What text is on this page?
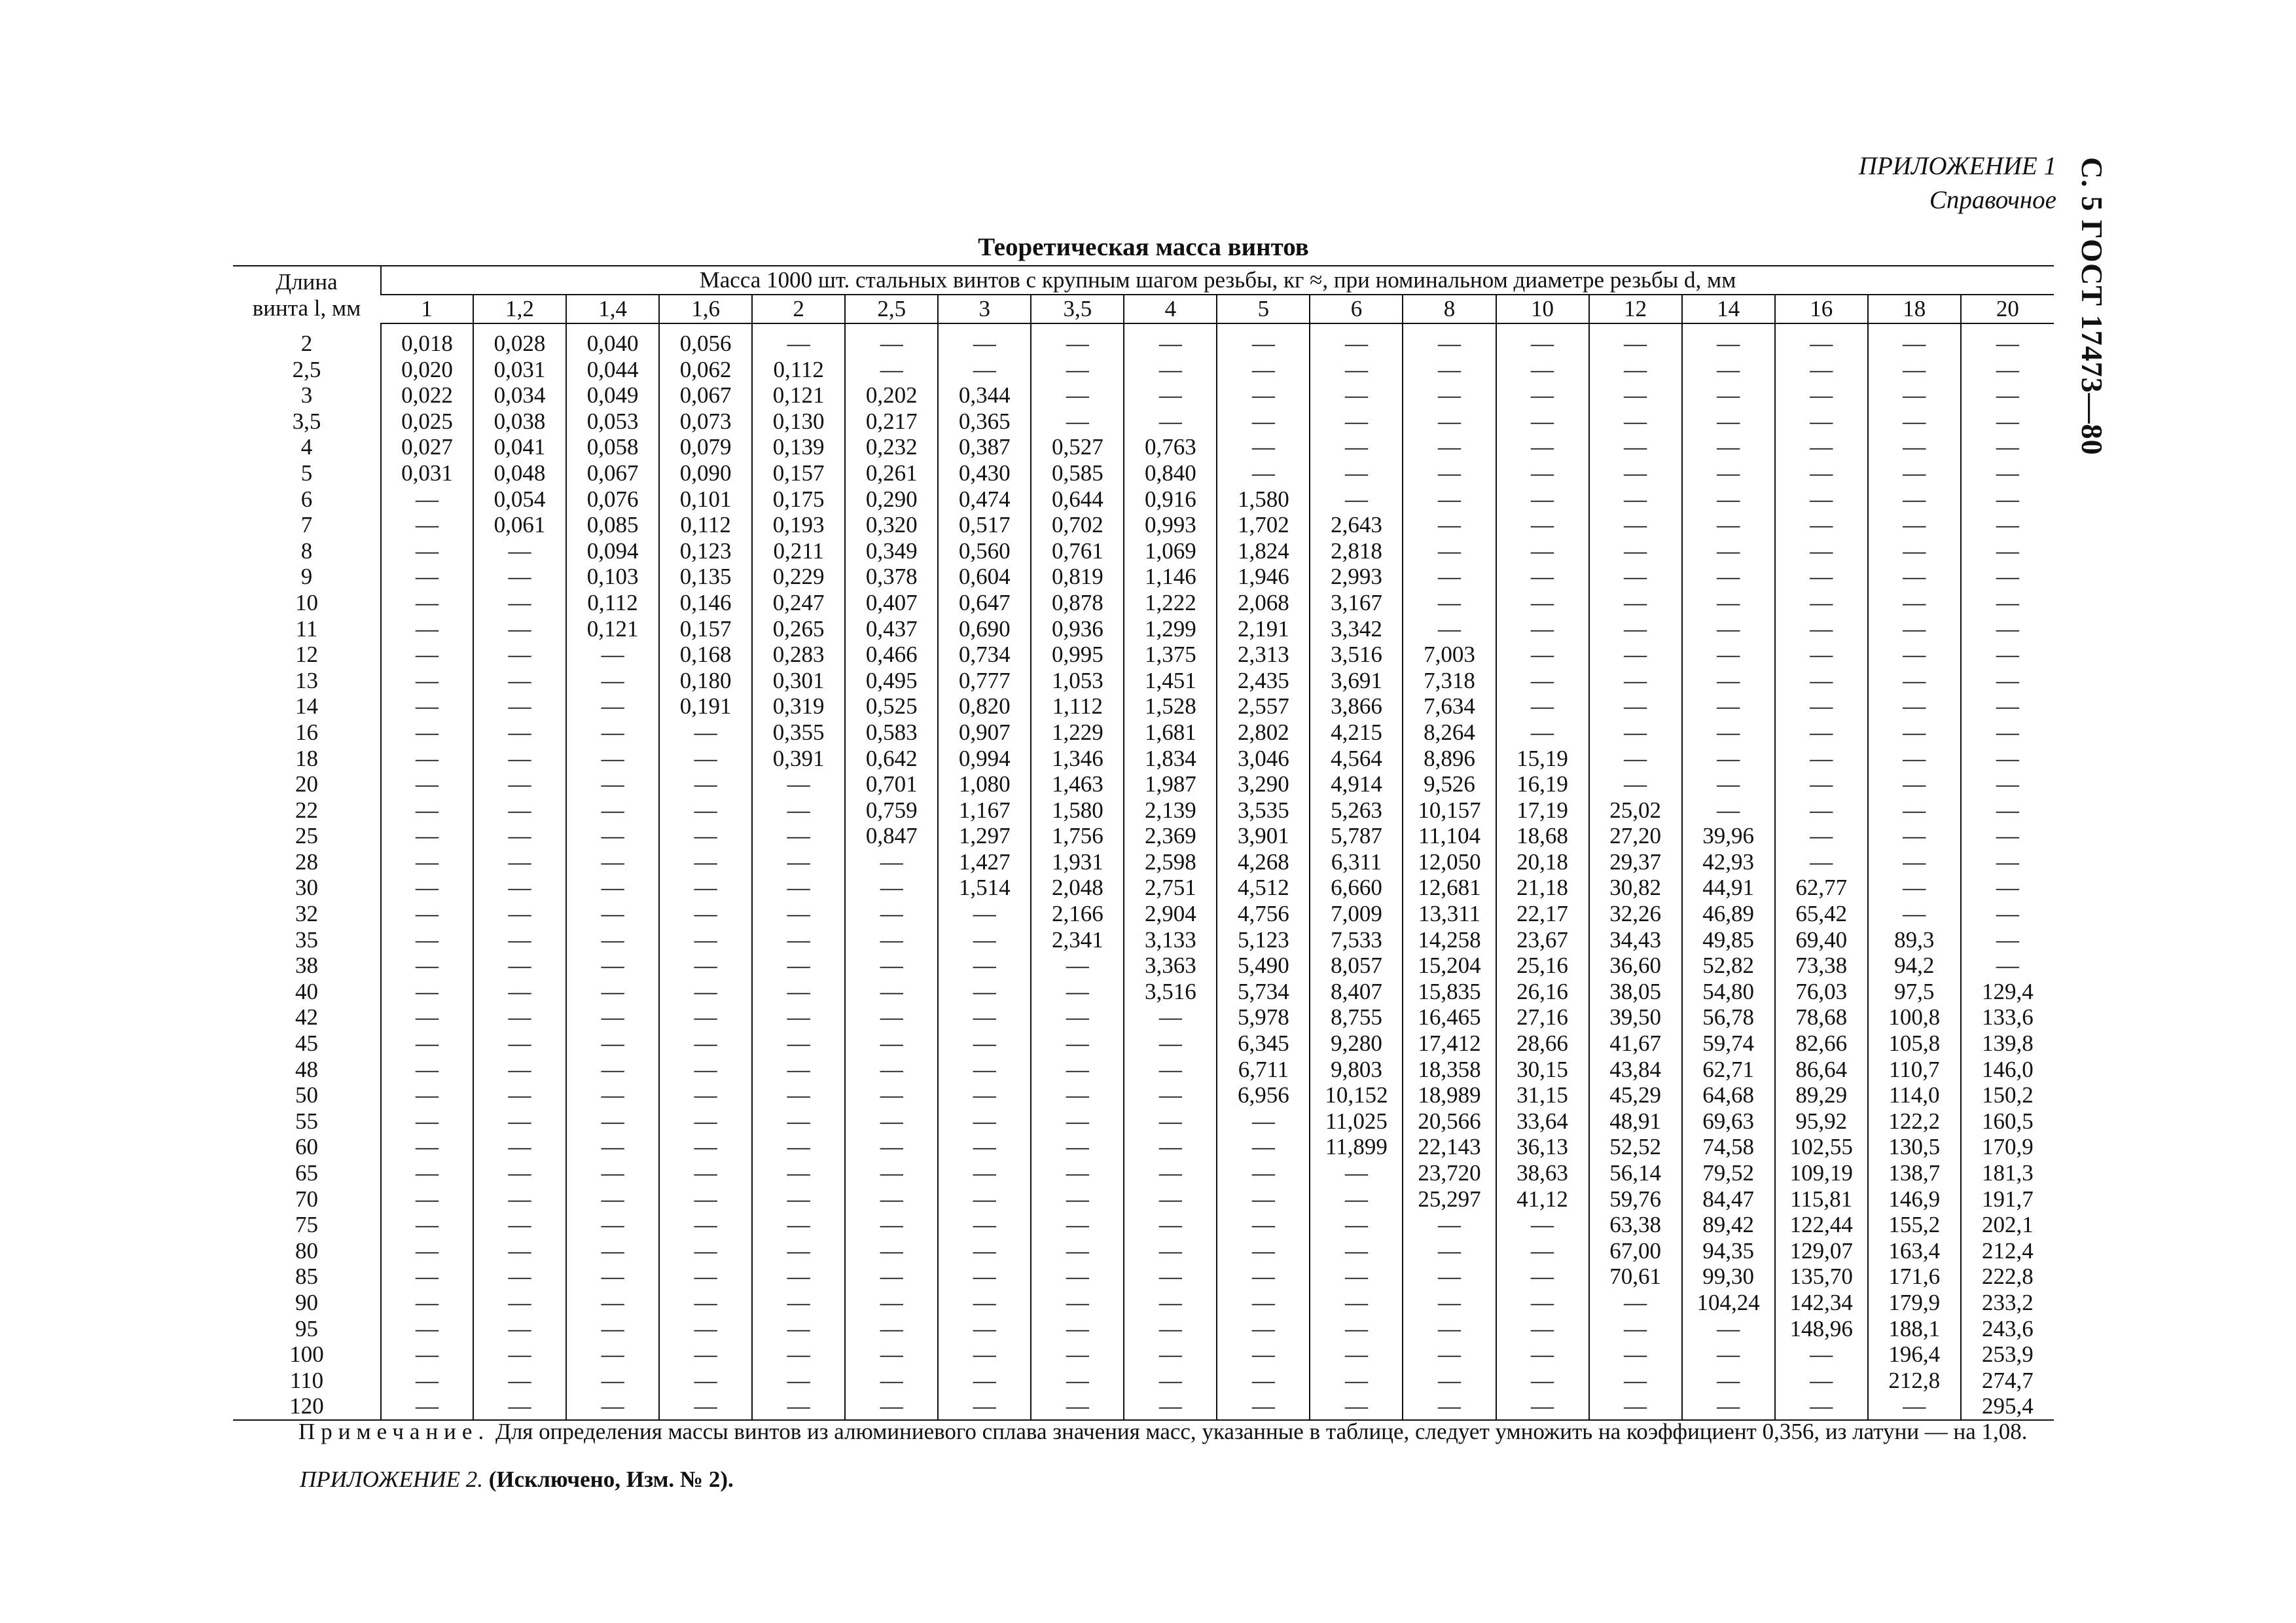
ПРИЛОЖЕНИЕ 1
Справочное С. 5 ГОСТ 17473—80
Теоретическая масса винтов
Длина
винта l, мм	Масса 1000 шт. стальных винтов с крупным шагом резьбы, кг ≈, при номинальном диаметре резьбы d, мм																	
	1	1,2	1,4	1,6	2	2,5	3	3,5	4	5	6	8	10	12	14	16	18	20
2	0,018	0,028	0,040	0,056	—	—	—	—	—	—	—	—	—	—	—	—	—	—
2,5	0,020	0,031	0,044	0,062	0,112	—	—	—	—	—	—	—	—	—	—	—	—	—
3	0,022	0,034	0,049	0,067	0,121	0,202	0,344	—	—	—	—	—	—	—	—	—	—	—
3,5	0,025	0,038	0,053	0,073	0,130	0,217	0,365	—	—	—	—	—	—	—	—	—	—	—
4	0,027	0,041	0,058	0,079	0,139	0,232	0,387	0,527	0,763	—	—	—	—	—	—	—	—	—
5	0,031	0,048	0,067	0,090	0,157	0,261	0,430	0,585	0,840	—	—	—	—	—	—	—	—	—
6	—	0,054	0,076	0,101	0,175	0,290	0,474	0,644	0,916	1,580	—	—	—	—	—	—	—	—
7	—	0,061	0,085	0,112	0,193	0,320	0,517	0,702	0,993	1,702	2,643	—	—	—	—	—	—	—
8	—	—	0,094	0,123	0,211	0,349	0,560	0,761	1,069	1,824	2,818	—	—	—	—	—	—	—
9	—	—	0,103	0,135	0,229	0,378	0,604	0,819	1,146	1,946	2,993	—	—	—	—	—	—	—
10	—	—	0,112	0,146	0,247	0,407	0,647	0,878	1,222	2,068	3,167	—	—	—	—	—	—	—
11	—	—	0,121	0,157	0,265	0,437	0,690	0,936	1,299	2,191	3,342	—	—	—	—	—	—	—
12	—	—	—	0,168	0,283	0,466	0,734	0,995	1,375	2,313	3,516	7,003	—	—	—	—	—	—
13	—	—	—	0,180	0,301	0,495	0,777	1,053	1,451	2,435	3,691	7,318	—	—	—	—	—	—
14	—	—	—	0,191	0,319	0,525	0,820	1,112	1,528	2,557	3,866	7,634	—	—	—	—	—	—
16	—	—	—	—	0,355	0,583	0,907	1,229	1,681	2,802	4,215	8,264	—	—	—	—	—	—
18	—	—	—	—	0,391	0,642	0,994	1,346	1,834	3,046	4,564	8,896	15,19	—	—	—	—	—
20	—	—	—	—	—	0,701	1,080	1,463	1,987	3,290	4,914	9,526	16,19	—	—	—	—	—
22	—	—	—	—	—	0,759	1,167	1,580	2,139	3,535	5,263	10,157	17,19	25,02	—	—	—	—
25	—	—	—	—	—	0,847	1,297	1,756	2,369	3,901	5,787	11,104	18,68	27,20	39,96	—	—	—
28	—	—	—	—	—	—	1,427	1,931	2,598	4,268	6,311	12,050	20,18	29,37	42,93	—	—	—
30	—	—	—	—	—	—	1,514	2,048	2,751	4,512	6,660	12,681	21,18	30,82	44,91	62,77	—	—
32	—	—	—	—	—	—	—	2,166	2,904	4,756	7,009	13,311	22,17	32,26	46,89	65,42	—	—
35	—	—	—	—	—	—	—	2,341	3,133	5,123	7,533	14,258	23,67	34,43	49,85	69,40	89,3	—
38	—	—	—	—	—	—	—	—	3,363	5,490	8,057	15,204	25,16	36,60	52,82	73,38	94,2	—
40	—	—	—	—	—	—	—	—	3,516	5,734	8,407	15,835	26,16	38,05	54,80	76,03	97,5	129,4
42	—	—	—	—	—	—	—	—	—	5,978	8,755	16,465	27,16	39,50	56,78	78,68	100,8	133,6
45	—	—	—	—	—	—	—	—	—	6,345	9,280	17,412	28,66	41,67	59,74	82,66	105,8	139,8
48	—	—	—	—	—	—	—	—	—	6,711	9,803	18,358	30,15	43,84	62,71	86,64	110,7	146,0
50	—	—	—	—	—	—	—	—	—	6,956	10,152	18,989	31,15	45,29	64,68	89,29	114,0	150,2
55	—	—	—	—	—	—	—	—	—	—	11,025	20,566	33,64	48,91	69,63	95,92	122,2	160,5
60	—	—	—	—	—	—	—	—	—	—	11,899	22,143	36,13	52,52	74,58	102,55	130,5	170,9
65	—	—	—	—	—	—	—	—	—	—	—	23,720	38,63	56,14	79,52	109,19	138,7	181,3
70	—	—	—	—	—	—	—	—	—	—	—	25,297	41,12	59,76	84,47	115,81	146,9	191,7
75	—	—	—	—	—	—	—	—	—	—	—	—	—	63,38	89,42	122,44	155,2	202,1
80	—	—	—	—	—	—	—	—	—	—	—	—	—	67,00	94,35	129,07	163,4	212,4
85	—	—	—	—	—	—	—	—	—	—	—	—	—	70,61	99,30	135,70	171,6	222,8
90	—	—	—	—	—	—	—	—	—	—	—	—	—	—	104,24	142,34	179,9	233,2
95	—	—	—	—	—	—	—	—	—	—	—	—	—	—	—	148,96	188,1	243,6
100	—	—	—	—	—	—	—	—	—	—	—	—	—	—	—	—	196,4	253,9
110	—	—	—	—	—	—	—	—	—	—	—	—	—	—	—	—	212,8	274,7
120	—	—	—	—	—	—	—	—	—	—	—	—	—	—	—	—	—	295,4
Примечание. Для определения массы винтов из алюминиевого сплава значения масс, указанные в таблице, следует умножить на коэффициент 0,356, из латуни — на 1,08.
ПРИЛОЖЕНИЕ 2. (Исключено, Изм. № 2).
